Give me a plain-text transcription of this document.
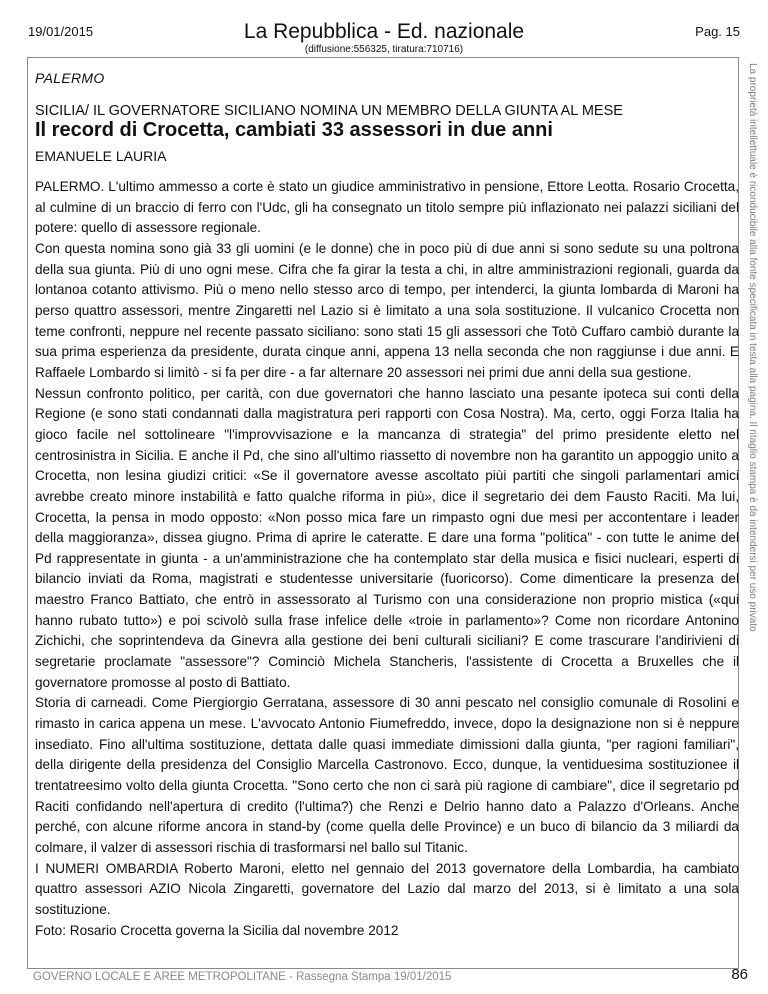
19/01/2015	La Repubblica - Ed. nazionale	Pag. 15
(diffusione:556325, tiratura:710716)
La proprietà intellettuale è riconducibile alla fonte specificata in testa alla pagina. Il ritaglio stampa è da intendersi per uso privato
PALERMO
SICILIA/ IL GOVERNATORE SICILIANO NOMINA UN MEMBRO DELLA GIUNTA AL MESE
Il record di Crocetta, cambiati 33 assessori in due anni
EMANUELE LAURIA

PALERMO. L'ultimo ammesso a corte è stato un giudice amministrativo in pensione, Ettore Leotta. Rosario Crocetta, al culmine di un braccio di ferro con l'Udc, gli ha consegnato un titolo sempre più inflazionato nei palazzi siciliani del potere: quello di assessore regionale.

Con questa nomina sono già 33 gli uomini (e le donne) che in poco più di due anni si sono sedute su una poltrona della sua giunta. Più di uno ogni mese. Cifra che fa girar la testa a chi, in altre amministrazioni regionali, guarda da lontanoa cotanto attivismo. Più o meno nello stesso arco di tempo, per intenderci, la giunta lombarda di Maroni ha perso quattro assessori, mentre Zingaretti nel Lazio si è limitato a una sola sostituzione. Il vulcanico Crocetta non teme confronti, neppure nel recente passato siciliano: sono stati 15 gli assessori che Totò Cuffaro cambiò durante la sua prima esperienza da presidente, durata cinque anni, appena 13 nella seconda che non raggiunse i due anni. E Raffaele Lombardo si limitò - si fa per dire - a far alternare 20 assessori nei primi due anni della sua gestione.

Nessun confronto politico, per carità, con due governatori che hanno lasciato una pesante ipoteca sui conti della Regione (e sono stati condannati dalla magistratura peri rapporti con Cosa Nostra). Ma, certo, oggi Forza Italia ha gioco facile nel sottolineare "l'improvvisazione e la mancanza di strategia" del primo presidente eletto nel centrosinistra in Sicilia. E anche il Pd, che sino all'ultimo riassetto di novembre non ha garantito un appoggio unito a Crocetta, non lesina giudizi critici: «Se il governatore avesse ascoltato piùi partiti che singoli parlamentari amici avrebbe creato minore instabilità e fatto qualche riforma in più», dice il segretario dei dem Fausto Raciti. Ma lui, Crocetta, la pensa in modo opposto: «Non posso mica fare un rimpasto ogni due mesi per accontentare i leader della maggioranza», dissea giugno. Prima di aprire le cateratte. E dare una forma "politica" - con tutte le anime del Pd rappresentate in giunta - a un'amministrazione che ha contemplato star della musica e fisici nucleari, esperti di bilancio inviati da Roma, magistrati e studentesse universitarie (fuoricorso). Come dimenticare la presenza del maestro Franco Battiato, che entrò in assessorato al Turismo con una considerazione non proprio mistica («qui hanno rubato tutto») e poi scivolò sulla frase infelice delle «troie in parlamento»? Come non ricordare Antonino Zichichi, che soprintendeva da Ginevra alla gestione dei beni culturali siciliani? E come trascurare l'andirivieni di segretarie proclamate "assessore"? Cominciò Michela Stancheris, l'assistente di Crocetta a Bruxelles che il governatore promosse al posto di Battiato.

Storia di carneadi. Come Piergiorgio Gerratana, assessore di 30 anni pescato nel consiglio comunale di Rosolini e rimasto in carica appena un mese. L'avvocato Antonio Fiumefreddo, invece, dopo la designazione non si è neppure insediato. Fino all'ultima sostituzione, dettata dalle quasi immediate dimissioni dalla giunta, "per ragioni familiari", della dirigente della presidenza del Consiglio Marcella Castronovo. Ecco, dunque, la ventiduesima sostituzionee il trentatreesimo volto della giunta Crocetta. "Sono certo che non ci sarà più ragione di cambiare", dice il segretario pd Raciti confidando nell'apertura di credito (l'ultima?) che Renzi e Delrio hanno dato a Palazzo d'Orleans. Anche perché, con alcune riforme ancora in stand-by (come quella delle Province) e un buco di bilancio da 3 miliardi da colmare, il valzer di assessori rischia di trasformarsi nel ballo sul Titanic.

I NUMERI OMBARDIA Roberto Maroni, eletto nel gennaio del 2013 governatore della Lombardia, ha cambiato quattro assessori AZIO Nicola Zingaretti, governatore del Lazio dal marzo del 2013, si è limitato a una sola sostituzione.

Foto: Rosario Crocetta governa la Sicilia dal novembre 2012

GOVERNO LOCALE E AREE METROPOLITANE - Rassegna Stampa 19/01/2015	86
